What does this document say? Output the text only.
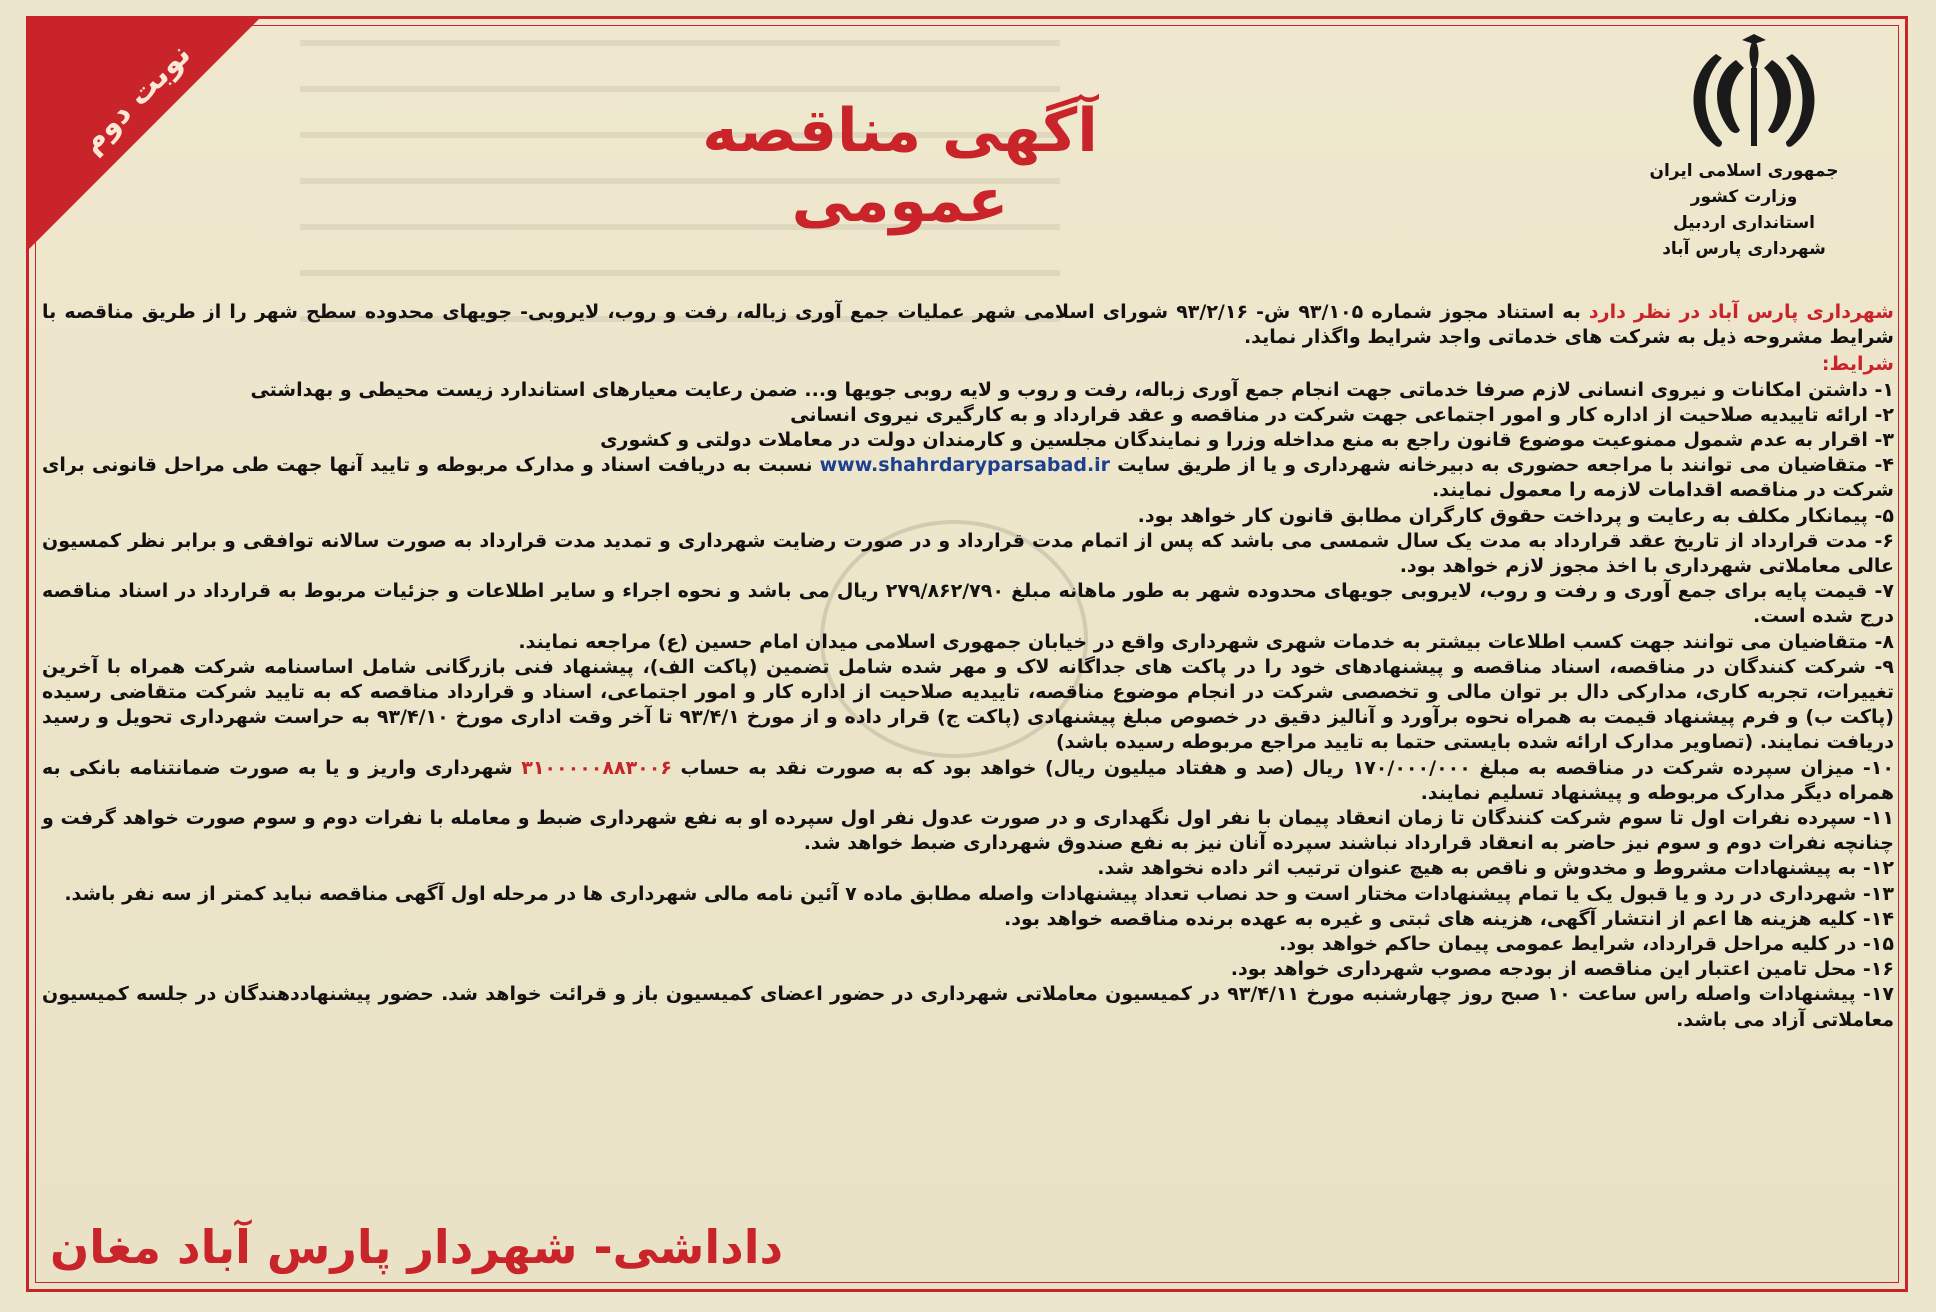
نوبت دوم
جمهوری اسلامی ایران
وزارت کشور
استانداری اردبیل
شهرداری پارس آباد
آگهی مناقصه عمومی

شهرداری پارس آباد در نظر دارد به استناد مجوز شماره ۹۳/۱۰۵ ش- ۹۳/۲/۱۶ شورای اسلامی شهر عملیات جمع آوری زباله، رفت و روب، لایروبی- جویهای محدوده سطح شهر را از طریق مناقصه با شرایط مشروحه ذیل به شرکت های خدماتی واجد شرایط واگذار نماید.

شرایط:

۱- داشتن امکانات و نیروی انسانی لازم صرفا خدماتی جهت انجام جمع آوری زباله، رفت و روب و لایه روبی جویها و... ضمن رعایت معیارهای استاندارد زیست محیطی و بهداشتی

۲- ارائه تاییدیه صلاحیت از اداره کار و امور اجتماعی جهت شرکت در مناقصه و عقد قرارداد و به کارگیری نیروی انسانی

۳- اقرار به عدم شمول ممنوعیت موضوع قانون راجع به منع مداخله وزرا و نمایندگان مجلسین و کارمندان دولت در معاملات دولتی و کشوری

۴- متقاضیان می توانند با مراجعه حضوری به دبیرخانه شهرداری و یا از طریق سایت www.shahrdaryparsabad.ir نسبت به دریافت اسناد و مدارک مربوطه و تایید آنها جهت طی مراحل قانونی برای شرکت در مناقصه اقدامات لازمه را معمول نمایند.

۵- پیمانکار مکلف به رعایت و پرداخت حقوق کارگران مطابق قانون کار خواهد بود.

۶- مدت قرارداد از تاریخ عقد قرارداد به مدت یک سال شمسی می باشد که پس از اتمام مدت قرارداد و در صورت رضایت شهرداری و تمدید مدت قرارداد به صورت سالانه توافقی و برابر نظر کمسیون عالی معاملاتی شهرداری با اخذ مجوز لازم خواهد بود.

۷- قیمت پایه برای جمع آوری و رفت و روب، لایروبی جویهای محدوده شهر به طور ماهانه مبلغ ۲۷۹/۸۶۲/۷۹۰ ریال می باشد و نحوه اجراء و سایر اطلاعات و جزئیات مربوط به قرارداد در اسناد مناقصه درج شده است.

۸- متقاضیان می توانند جهت کسب اطلاعات بیشتر به خدمات شهری شهرداری واقع در خیابان جمهوری اسلامی میدان امام حسین (ع) مراجعه نمایند.

۹- شرکت کنندگان در مناقصه، اسناد مناقصه و پیشنهادهای خود را در پاکت های جداگانه لاک و مهر شده شامل تضمین (پاکت الف)، پیشنهاد فنی بازرگانی شامل اساسنامه شرکت همراه با آخرین تغییرات، تجربه کاری، مدارکی دال بر توان مالی و تخصصی شرکت در انجام موضوع مناقصه، تاییدیه صلاحیت از اداره کار و امور اجتماعی، اسناد و قرارداد مناقصه که به تایید شرکت متقاضی رسیده (پاکت ب) و فرم پیشنهاد قیمت به همراه نحوه برآورد و آنالیز دقیق در خصوص مبلغ پیشنهادی (پاکت ج) قرار داده و از مورخ ۹۳/۴/۱ تا آخر وقت اداری مورخ ۹۳/۴/۱۰ به حراست شهرداری تحویل و رسید دریافت نمایند. (تصاویر مدارک ارائه شده بایستی حتما به تایید مراجع مربوطه رسیده باشد)

۱۰- میزان سپرده شرکت در مناقصه به مبلغ ۱۷۰/۰۰۰/۰۰۰ ریال (صد و هفتاد میلیون ریال) خواهد بود که به صورت نقد به حساب ۳۱۰۰۰۰۰۸۸۳۰۰۶ شهرداری واریز و یا به صورت ضمانتنامه بانکی به همراه دیگر مدارک مربوطه و پیشنهاد تسلیم نمایند.

۱۱- سپرده نفرات اول تا سوم شرکت کنندگان تا زمان انعقاد پیمان با نفر اول نگهداری و در صورت عدول نفر اول سپرده او به نفع شهرداری ضبط و معامله با نفرات دوم و سوم صورت خواهد گرفت و چنانچه نفرات دوم و سوم نیز حاضر به انعقاد قرارداد نباشند سپرده آنان نیز به نفع صندوق شهرداری ضبط خواهد شد.

۱۲- به پیشنهادات مشروط و مخدوش و ناقص به هیچ عنوان ترتیب اثر داده نخواهد شد.

۱۳- شهرداری در رد و یا قبول یک یا تمام پیشنهادات مختار است و حد نصاب تعداد پیشنهادات واصله مطابق ماده ۷ آئین نامه مالی شهرداری ها در مرحله اول آگهی مناقصه نباید کمتر از سه نفر باشد.

۱۴- کلیه هزینه ها اعم از انتشار آگهی، هزینه های ثبتی و غیره به عهده برنده مناقصه خواهد بود.

۱۵- در کلیه مراحل قرارداد، شرایط عمومی پیمان حاکم خواهد بود.

۱۶- محل تامین اعتبار این مناقصه از بودجه مصوب شهرداری خواهد بود.

۱۷- پیشنهادات واصله راس ساعت ۱۰ صبح روز چهارشنبه مورخ ۹۳/۴/۱۱ در کمیسیون معاملاتی شهرداری در حضور اعضای کمیسیون باز و قرائت خواهد شد. حضور پیشنهاددهندگان در جلسه کمیسیون معاملاتی آزاد می باشد.

داداشی- شهردار پارس آباد مغان
